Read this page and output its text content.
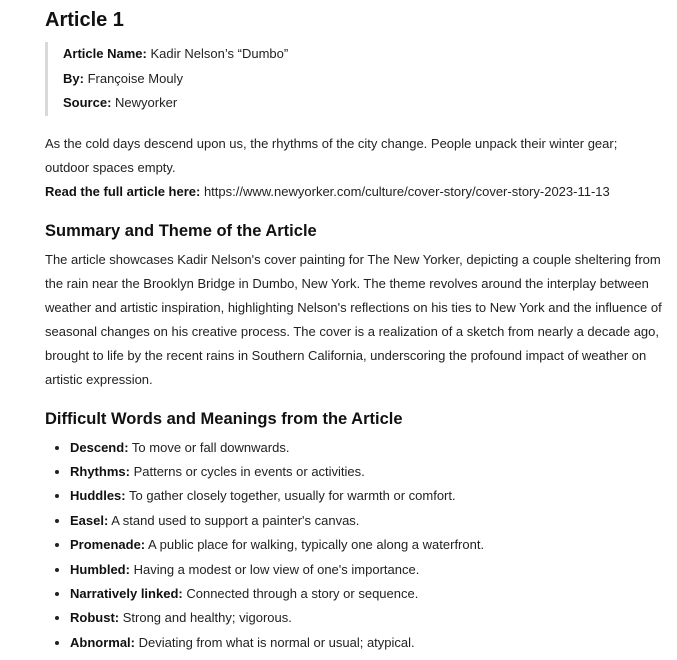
Article 1
Article Name: Kadir Nelson’s “Dumbo”
By: Françoise Mouly
Source: Newyorker

As the cold days descend upon us, the rhythms of the city change. People unpack their winter gear; outdoor spaces empty.

Read the full article here: https://www.newyorker.com/culture/cover-story/cover-story-2023-11-13
Summary and Theme of the Article

The article showcases Kadir Nelson's cover painting for The New Yorker, depicting a couple sheltering from the rain near the Brooklyn Bridge in Dumbo, New York. The theme revolves around the interplay between weather and artistic inspiration, highlighting Nelson's reflections on his ties to New York and the influence of seasonal changes on his creative process. The cover is a realization of a sketch from nearly a decade ago, brought to life by the recent rains in Southern California, underscoring the profound impact of weather on artistic expression.

Difficult Words and Meanings from the Article
• Descend: To move or fall downwards.
• Rhythms: Patterns or cycles in events or activities.
• Huddles: To gather closely together, usually for warmth or comfort.
• Easel: A stand used to support a painter's canvas.
• Promenade: A public place for walking, typically one along a waterfront.
• Humbled: Having a modest or low view of one's importance.
• Narratively linked: Connected through a story or sequence.
• Robust: Strong and healthy; vigorous.
• Abnormal: Deviating from what is normal or usual; atypical.
